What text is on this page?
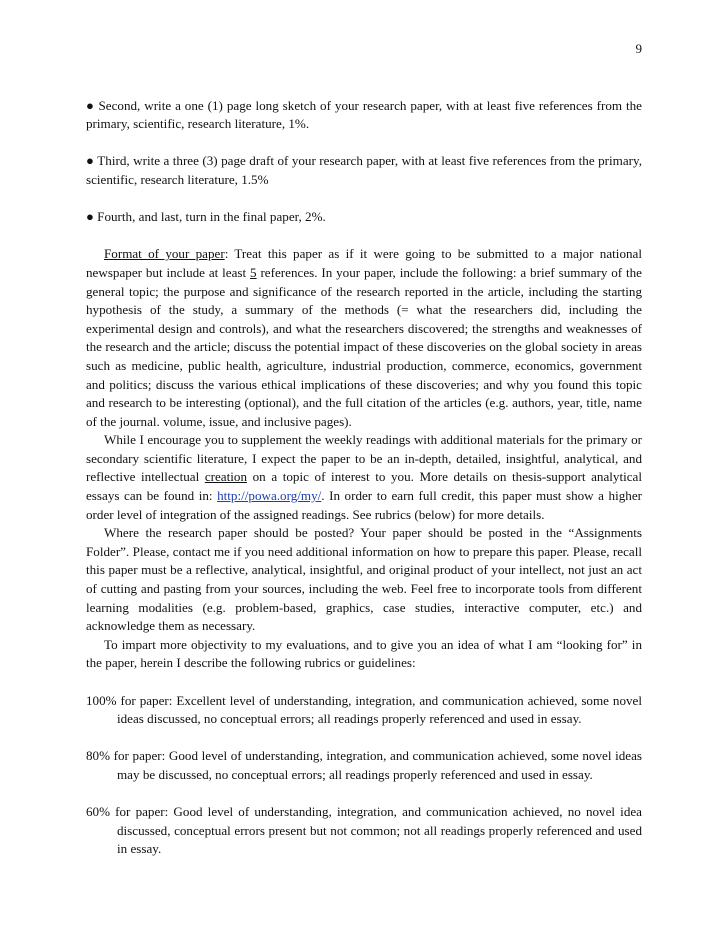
9

● Second, write a one (1) page long sketch of your research paper, with at least five references from the primary, scientific, research literature, 1%.

● Third, write a three (3) page draft of your research paper, with at least five references from the primary, scientific, research literature, 1.5%

● Fourth, and last, turn in the final paper, 2%.

Format of your paper: Treat this paper as if it were going to be submitted to a major national newspaper but include at least 5 references. In your paper, include the following: a brief summary of the general topic; the purpose and significance of the research reported in the article, including the starting hypothesis of the study, a summary of the methods (= what the researchers did, including the experimental design and controls), and what the researchers discovered; the strengths and weaknesses of the research and the article; discuss the potential impact of these discoveries on the global society in areas such as medicine, public health, agriculture, industrial production, commerce, economics, government and politics; discuss the various ethical implications of these discoveries; and why you found this topic and research to be interesting (optional), and the full citation of the articles (e.g. authors, year, title, name of the journal. volume, issue, and inclusive pages).

While I encourage you to supplement the weekly readings with additional materials for the primary or secondary scientific literature, I expect the paper to be an in-depth, detailed, insightful, analytical, and reflective intellectual creation on a topic of interest to you. More details on thesis-support analytical essays can be found in: http://powa.org/my/. In order to earn full credit, this paper must show a higher order level of integration of the assigned readings. See rubrics (below) for more details.

Where the research paper should be posted? Your paper should be posted in the “Assignments Folder”. Please, contact me if you need additional information on how to prepare this paper. Please, recall this paper must be a reflective, analytical, insightful, and original product of your intellect, not just an act of cutting and pasting from your sources, including the web. Feel free to incorporate tools from different learning modalities (e.g. problem-based, graphics, case studies, interactive computer, etc.) and acknowledge them as necessary.

To impart more objectivity to my evaluations, and to give you an idea of what I am “looking for” in the paper, herein I describe the following rubrics or guidelines:

100% for paper: Excellent level of understanding, integration, and communication achieved, some novel ideas discussed, no conceptual errors; all readings properly referenced and used in essay.

80% for paper: Good level of understanding, integration, and communication achieved, some novel ideas may be discussed, no conceptual errors; all readings properly referenced and used in essay.

60% for paper: Good level of understanding, integration, and communication achieved, no novel idea discussed, conceptual errors present but not common; not all readings properly referenced and used in essay.
